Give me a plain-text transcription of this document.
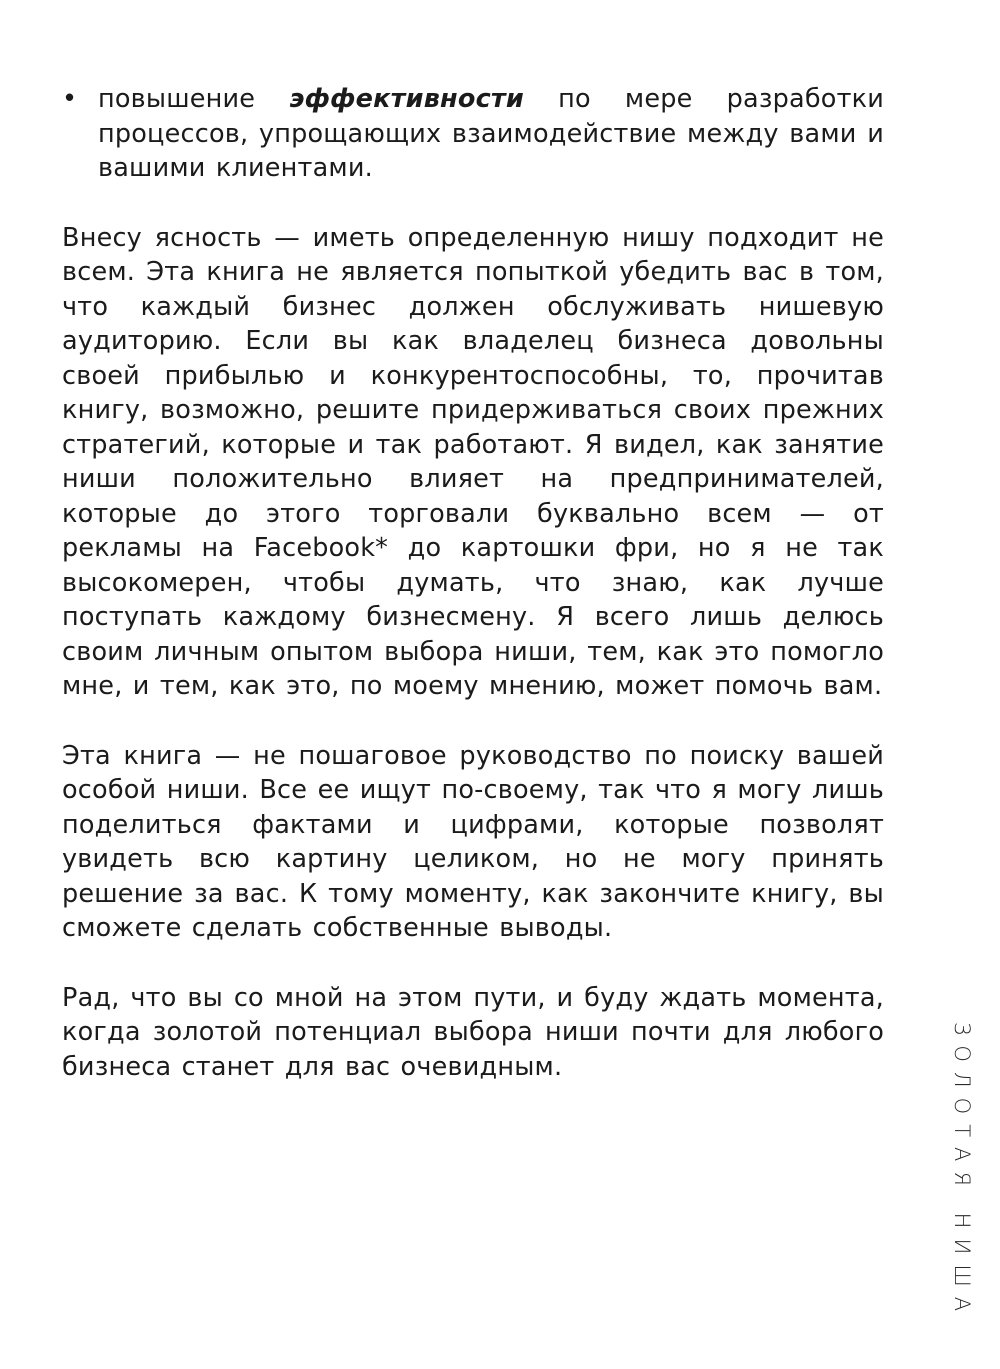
• повышение эффективности по мере разработки процессов, упрощающих взаимодействие между вами и вашими клиентами.

Внесу ясность — иметь определенную нишу подходит не всем. Эта книга не является попыткой убедить вас в том, что каждый бизнес должен обслуживать нишевую аудиторию. Если вы как владелец бизнеса довольны своей прибылью и конкурентоспособны, то, прочитав книгу, возможно, решите придерживаться своих прежних стратегий, которые и так работают. Я видел, как занятие ниши положительно влияет на предпринимателей, которые до этого торговали буквально всем — от рекламы на Facebook* до картошки фри, но я не так высокомерен, чтобы думать, что знаю, как лучше поступать каждому бизнесмену. Я всего лишь делюсь своим личным опытом выбора ниши, тем, как это помогло мне, и тем, как это, по моему мнению, может помочь вам.

Эта книга — не пошаговое руководство по поиску вашей особой ниши. Все ее ищут по-своему, так что я могу лишь поделиться фактами и цифрами, которые позволят увидеть всю картину целиком, но не могу принять решение за вас. К тому моменту, как закончите книгу, вы сможете сделать собственные выводы.

Рад, что вы со мной на этом пути, и буду ждать момента, когда золотой потенциал выбора ниши почти для любого бизнеса станет для вас очевидным.	ЗОЛОТАЯ НИША
